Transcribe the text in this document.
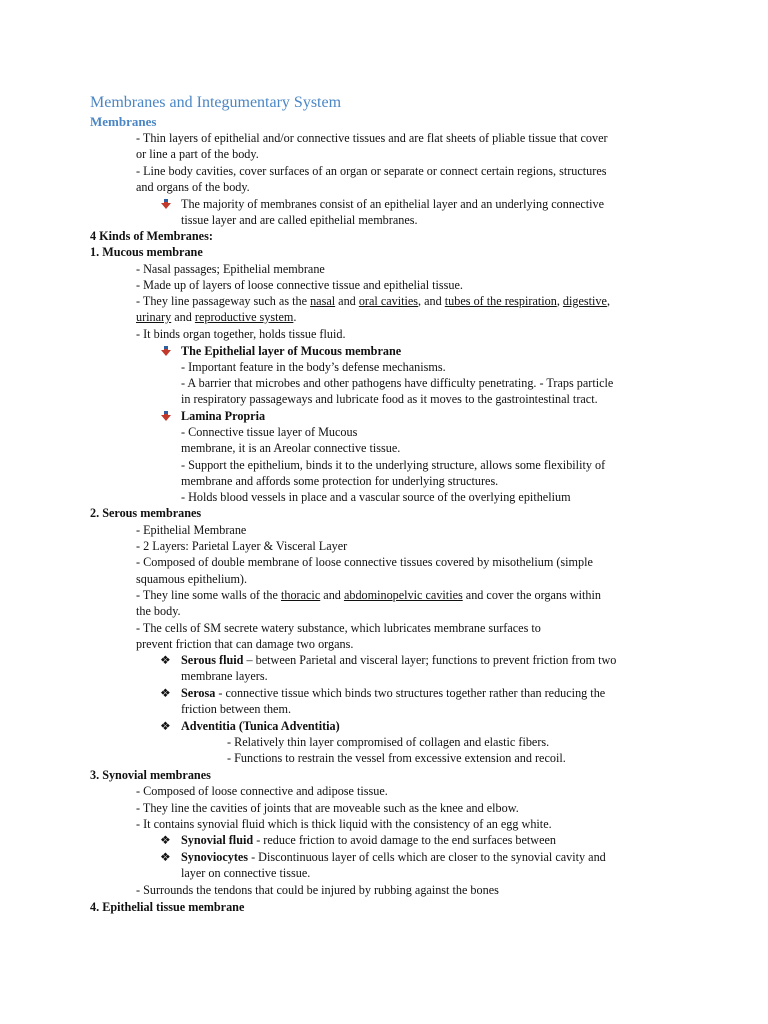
Membranes and Integumentary System
Membranes
- Thin layers of epithelial and/or connective tissues and are flat sheets of pliable tissue that cover
or line a part of the body.
- Line body cavities, cover surfaces of an organ or separate or connect certain regions, structures
and organs of the body.
The majority of membranes consist of an epithelial layer and an underlying connective
tissue layer and are called epithelial membranes.
4 Kinds of Membranes:
1. Mucous membrane
- Nasal passages; Epithelial membrane
- Made up of layers of loose connective tissue and epithelial tissue.
- They line passageway such as the nasal and oral cavities, and tubes of the respiration, digestive,
urinary and reproductive system.
- It binds organ together, holds tissue fluid.
The Epithelial layer of Mucous membrane
- Important feature in the body’s defense mechanisms.
- A barrier that microbes and other pathogens have difficulty penetrating. - Traps particle
in respiratory passageways and lubricate food as it moves to the gastrointestinal tract.
Lamina Propria
- Connective tissue layer of Mucous
membrane, it is an Areolar connective tissue.
- Support the epithelium, binds it to the underlying structure, allows some flexibility of
membrane and affords some protection for underlying structures.
- Holds blood vessels in place and a vascular source of the overlying epithelium
2. Serous membranes
- Epithelial Membrane
- 2 Layers: Parietal Layer & Visceral Layer
- Composed of double membrane of loose connective tissues covered by misothelium (simple
squamous epithelium).
- They line some walls of the thoracic and abdominopelvic cavities and cover the organs within
the body.
- The cells of SM secrete watery substance, which lubricates membrane surfaces to
prevent friction that can damage two organs.
❖ Serous fluid – between Parietal and visceral layer; functions to prevent friction from two
membrane layers.
❖ Serosa - connective tissue which binds two structures together rather than reducing the
friction between them.
❖ Adventitia (Tunica Adventitia)
- Relatively thin layer compromised of collagen and elastic fibers.
- Functions to restrain the vessel from excessive extension and recoil.
3. Synovial membranes
- Composed of loose connective and adipose tissue.
- They line the cavities of joints that are moveable such as the knee and elbow.
- It contains synovial fluid which is thick liquid with the consistency of an egg white.
❖ Synovial fluid - reduce friction to avoid damage to the end surfaces between
❖ Synoviocytes - Discontinuous layer of cells which are closer to the synovial cavity and
layer on connective tissue.
- Surrounds the tendons that could be injured by rubbing against the bones
4. Epithelial tissue membrane
